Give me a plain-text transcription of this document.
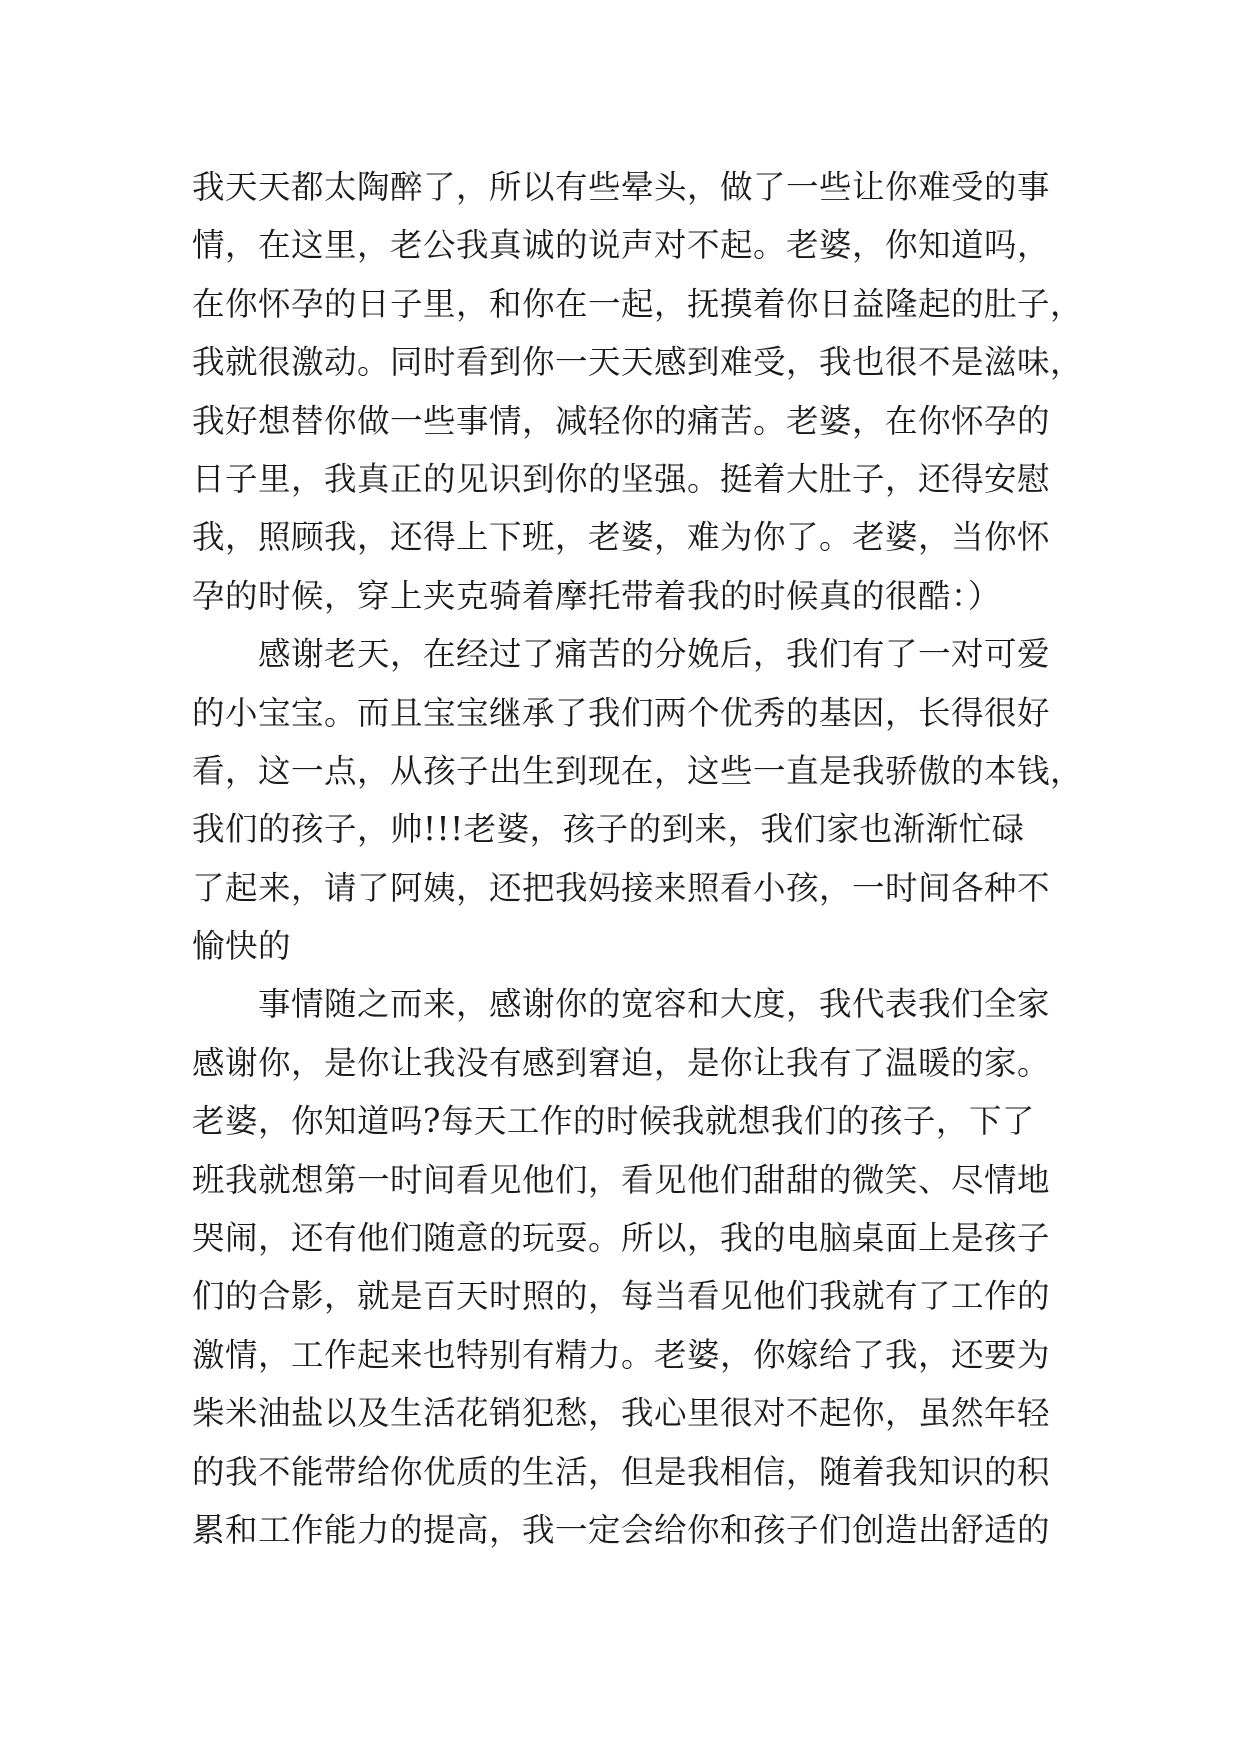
我天天都太陶醉了，所以有些晕头，做了一些让你难受的事
情，在这里，老公我真诚的说声对不起。老婆，你知道吗，
在你怀孕的日子里，和你在一起，抚摸着你日益隆起的肚子，
我就很激动。同时看到你一天天感到难受，我也很不是滋味，
我好想替你做一些事情，减轻你的痛苦。老婆，在你怀孕的
日子里，我真正的见识到你的坚强。挺着大肚子，还得安慰
我，照顾我，还得上下班，老婆，难为你了。老婆，当你怀
孕的时候，穿上夹克骑着摩托带着我的时候真的很酷：）
感谢老天，在经过了痛苦的分娩后，我们有了一对可爱
的小宝宝。而且宝宝继承了我们两个优秀的基因，长得很好
看，这一点，从孩子出生到现在，这些一直是我骄傲的本钱，
我们的孩子，帅!!!老婆，孩子的到来，我们家也渐渐忙碌
了起来，请了阿姨，还把我妈接来照看小孩，一时间各种不
愉快的
事情随之而来，感谢你的宽容和大度，我代表我们全家
感谢你，是你让我没有感到窘迫，是你让我有了温暖的家。
老婆，你知道吗?每天工作的时候我就想我们的孩子，下了
班我就想第一时间看见他们，看见他们甜甜的微笑、尽情地
哭闹，还有他们随意的玩耍。所以，我的电脑桌面上是孩子
们的合影，就是百天时照的，每当看见他们我就有了工作的
激情，工作起来也特别有精力。老婆，你嫁给了我，还要为
柴米油盐以及生活花销犯愁，我心里很对不起你，虽然年轻
的我不能带给你优质的生活，但是我相信，随着我知识的积
累和工作能力的提高，我一定会给你和孩子们创造出舒适的
